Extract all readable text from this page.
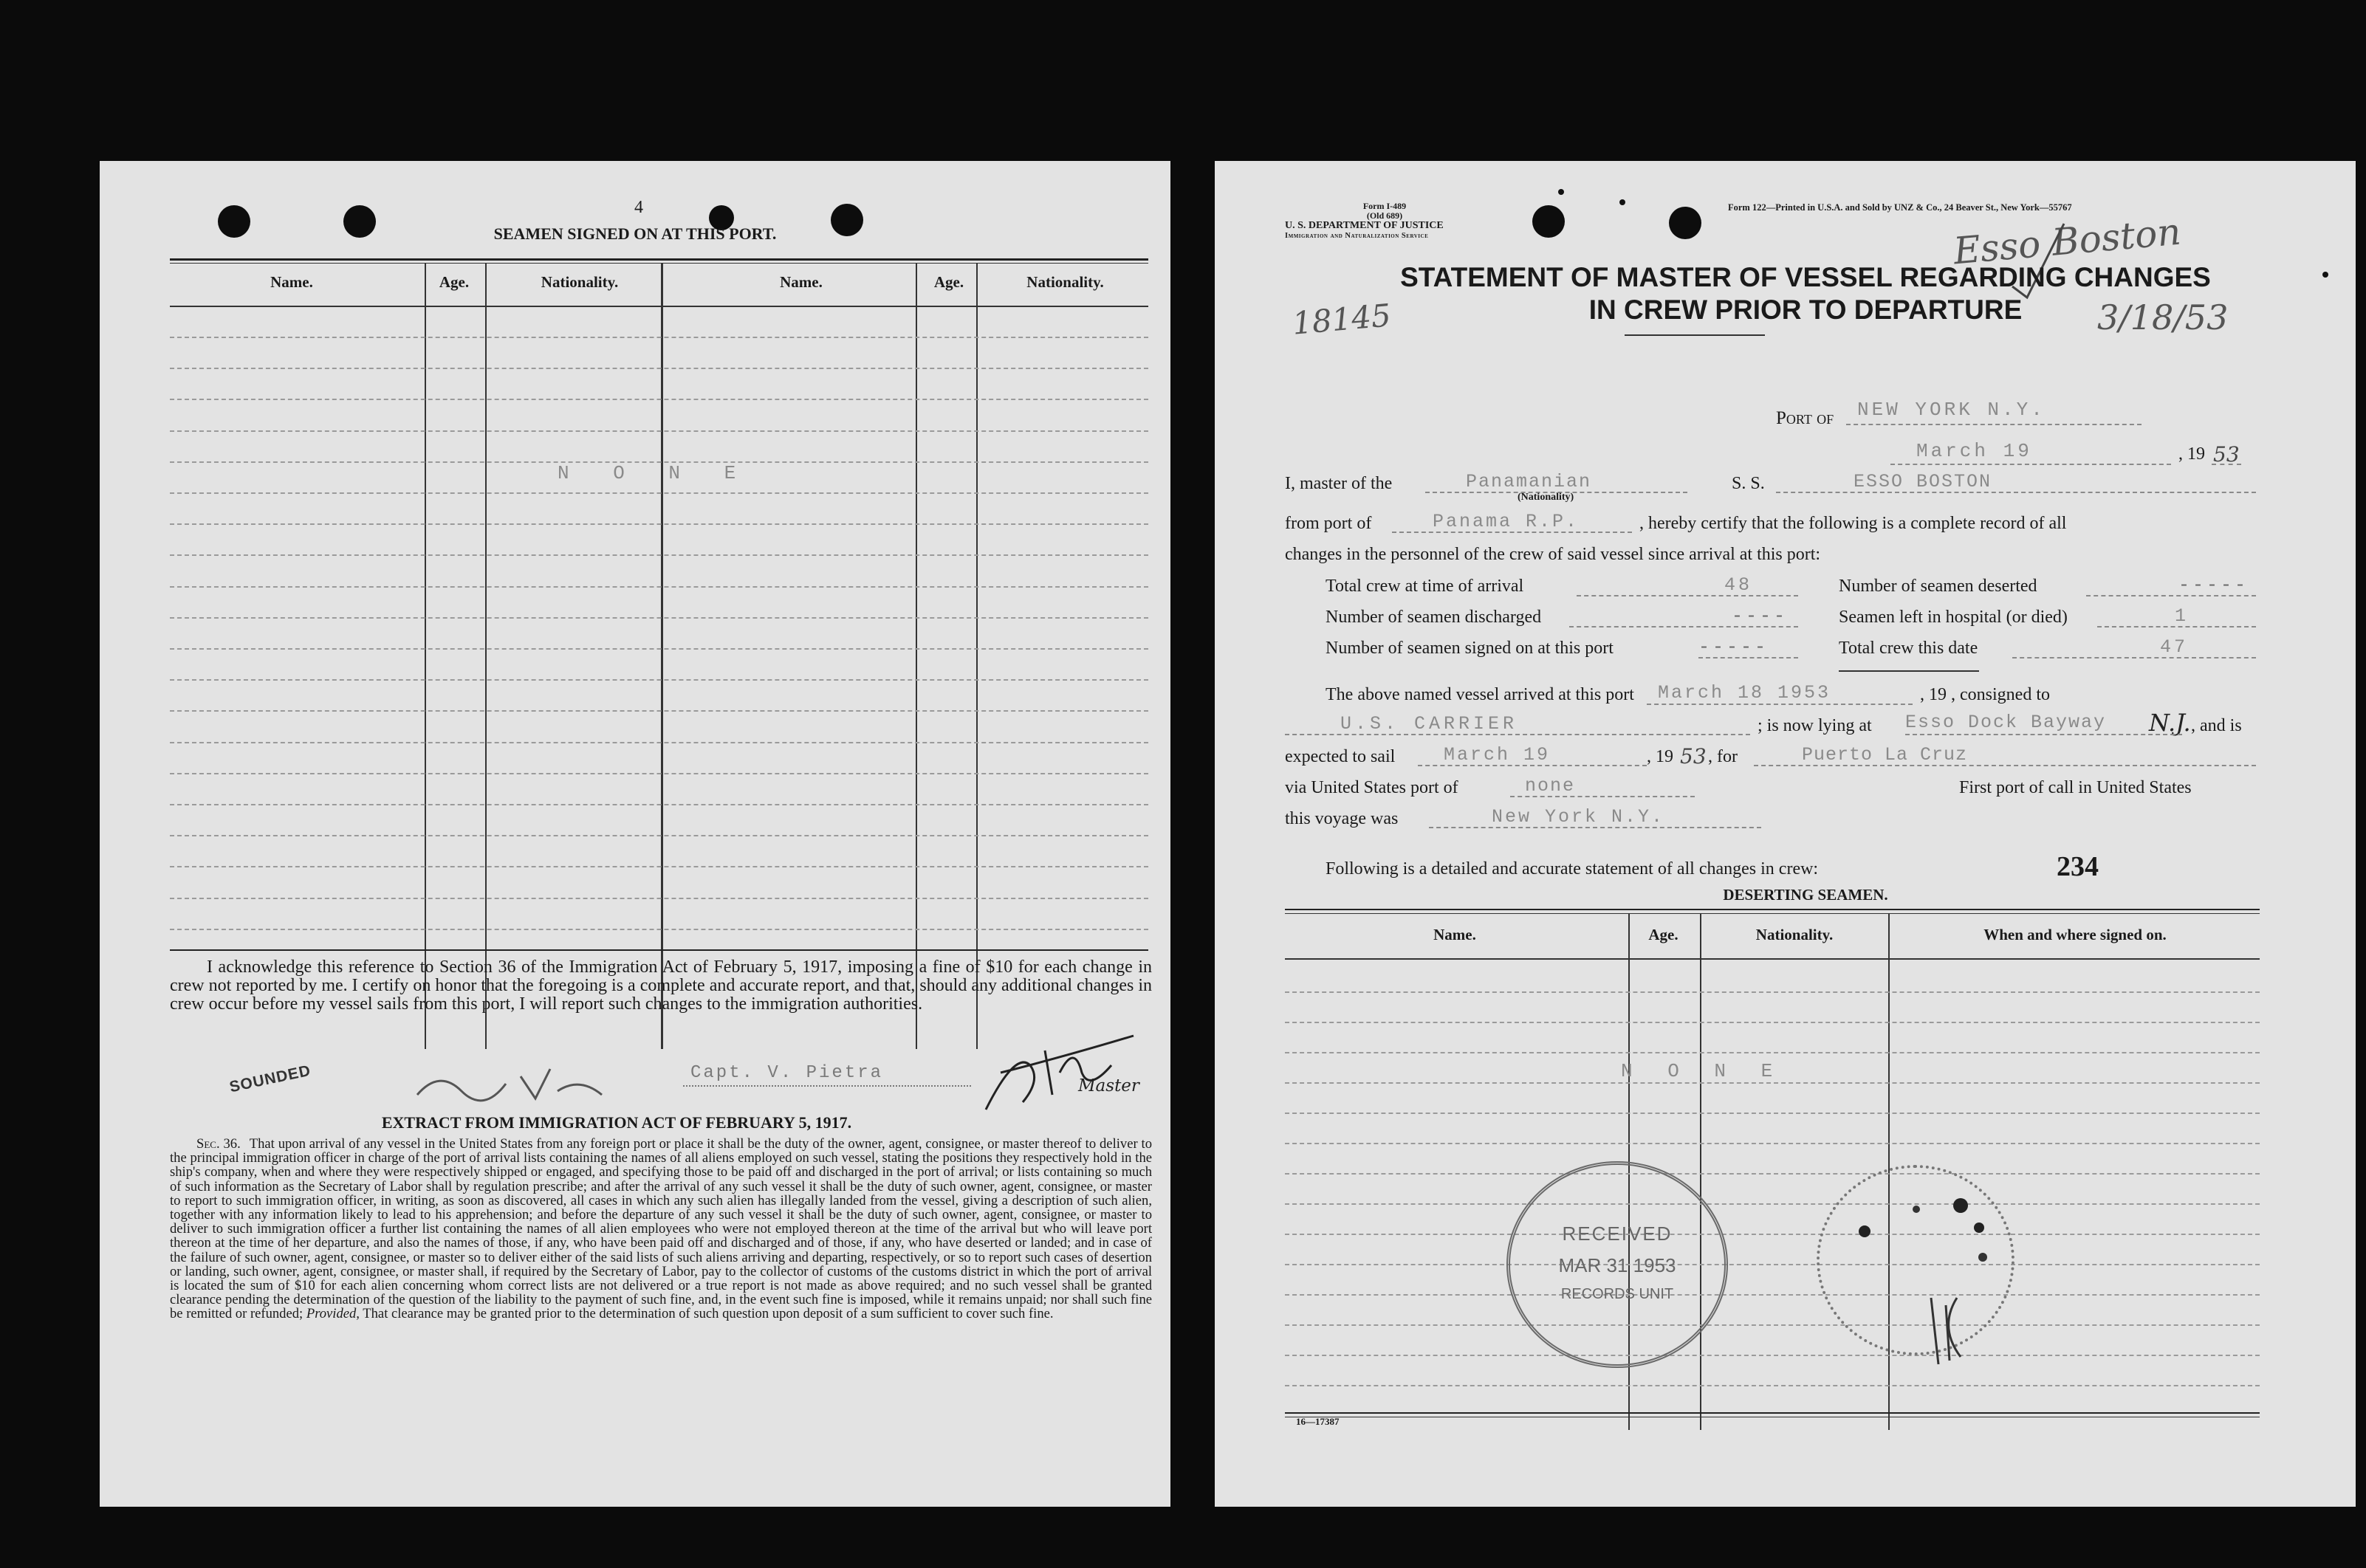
4
SEAMEN SIGNED ON AT THIS PORT.
Name.	Age.	Nationality.	Name.	Age.	Nationality.
N O N E
I acknowledge this reference to Section 36 of the Immigration Act of February 5, 1917, imposing a fine of $10 for each change in crew not reported by me. I certify on honor that the foregoing is a complete and accurate report, and that, should any additional changes in crew occur before my vessel sails from this port, I will report such changes to the immigration authorities.
SOUNDED	Capt. V. Pietra
Master
EXTRACT FROM IMMIGRATION ACT OF FEBRUARY 5, 1917.
Sec. 36. That upon arrival of any vessel in the United States from any foreign port or place it shall be the duty of the owner, agent, consignee, or master thereof to deliver to the principal immigration officer in charge of the port of arrival lists containing the names of all aliens employed on such vessel, stating the positions they respectively hold in the ship's company, when and where they were respectively shipped or engaged, and specifying those to be paid off and discharged in the port of arrival; or lists containing so much of such information as the Secretary of Labor shall by regulation prescribe; and after the arrival of any such vessel it shall be the duty of such owner, agent, consignee, or master to report to such immigration officer, in writing, as soon as discovered, all cases in which any such alien has illegally landed from the vessel, giving a description of such alien, together with any information likely to lead to his apprehension; and before the departure of any such vessel it shall be the duty of such owner, agent, consignee, or master to deliver to such immigration officer a further list containing the names of all alien employees who were not employed thereon at the time of the arrival but who will leave port thereon at the time of her departure, and also the names of those, if any, who have been paid off and discharged and of those, if any, who have deserted or landed; and in case of the failure of such owner, agent, consignee, or master so to deliver either of the said lists of such aliens arriving and departing, respectively, or so to report such cases of desertion or landing, such owner, agent, consignee, or master shall, if required by the Secretary of Labor, pay to the collector of customs of the customs district in which the port of arrival is located the sum of $10 for each alien concerning whom correct lists are not delivered or a true report is not made as above required; and no such vessel shall be granted clearance pending the determination of the question of the liability to the payment of such fine, and, in the event such fine is imposed, while it remains unpaid; nor shall such fine be remitted or refunded; Provided, That clearance may be granted prior to the determination of such question upon deposit of a sum sufficient to cover such fine.
Form I-489
(Old 689)
U. S. DEPARTMENT OF JUSTICE
Immigration and Naturalization Service
Form 122—Printed in U.S.A. and Sold by UNZ & Co., 24 Beaver St., New York—55767
Esso Boston
3/18/53
18145
STATEMENT OF MASTER OF VESSEL REGARDING CHANGES
IN CREW PRIOR TO DEPARTURE
Port of NEW YORK N.Y.
March 19	, 19 53
I, master of the	Panamanian
(Nationality)
S. S.	ESSO BOSTON
from port of	Panama R.P.	, hereby certify that the following is a complete record of all
changes in the personnel of the crew of said vessel since arrival at this port:
Total crew at time of arrival	48	Number of seamen deserted	-----
Number of seamen discharged	----	Seamen left in hospital (or died)	1
Number of seamen signed on at this port	-----	Total crew this date	47
The above named vessel arrived at this port March 18 1953	, 19 , consigned to
U.S. CARRIER	; is now lying at Esso Dock Bayway N.J. , and is
expected to sail	March 19	, 19 53 , for	Puerto La Cruz
via United States port of	none	First port of call in United States
this voyage was	New York N.Y.
Following is a detailed and accurate statement of all changes in crew:	234
DESERTING SEAMEN.
Name.	Age.	Nationality.	When and where signed on.
N O N E
RECEIVED
MAR 31 1953
RECORDS UNIT
16—17387
